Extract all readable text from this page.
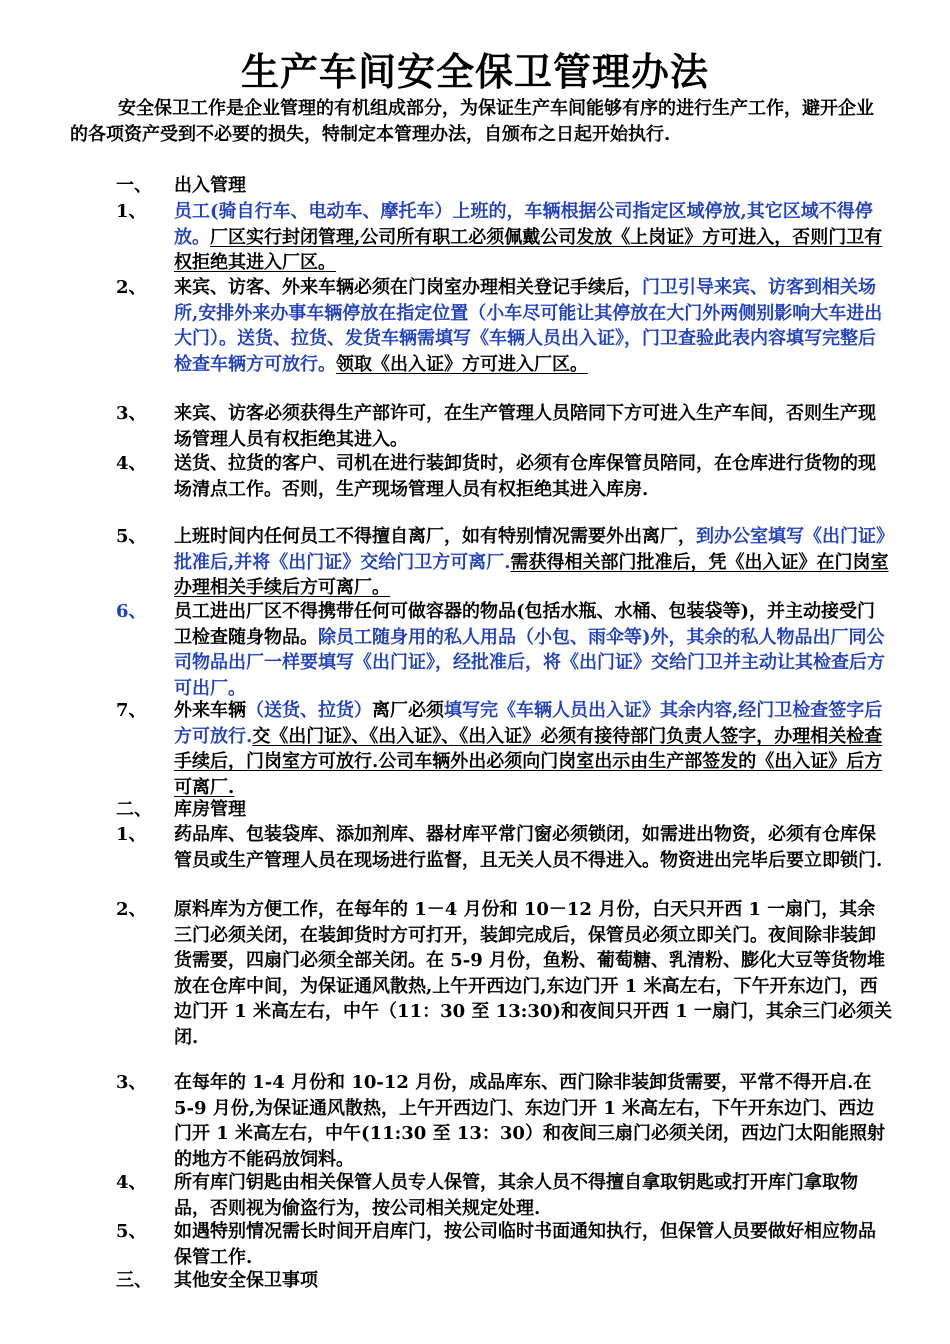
生产车间安全保卫管理办法
安全保卫工作是企业管理的有机组成部分，为保证生产车间能够有序的进行生产工作，避开企业的各项资产受到不必要的损失，特制定本管理办法，自颁布之日起开始执行.
一、 出入管理
1、	员工(骑自行车、电动车、摩托车）上班的，车辆根据公司指定区域停放,其它区域不得停放。厂区实行封闭管理,公司所有职工必须佩戴公司发放《上岗证》方可进入，否则门卫有权拒绝其进入厂区。
2、	来宾、访客、外来车辆必须在门岗室办理相关登记手续后，门卫引导来宾、访客到相关场所,安排外来办事车辆停放在指定位置（小车尽可能让其停放在大门外两侧别影响大车进出大门）。送货、拉货、发货车辆需填写《车辆人员出入证》，门卫查验此表内容填写完整后检查车辆方可放行。领取《出入证》方可进入厂区。
3、	来宾、访客必须获得生产部许可，在生产管理人员陪同下方可进入生产车间，否则生产现场管理人员有权拒绝其进入。
4、	送货、拉货的客户、司机在进行装卸货时，必须有仓库保管员陪同，在仓库进行货物的现场清点工作。否则，生产现场管理人员有权拒绝其进入库房.
5、	上班时间内任何员工不得擅自离厂，如有特别情况需要外出离厂，到办公室填写《出门证》批准后,并将《出门证》交给门卫方可离厂.需获得相关部门批准后，凭《出入证》在门岗室办理相关手续后方可离厂。
6、	员工进出厂区不得携带任何可做容器的物品(包括水瓶、水桶、包装袋等)，并主动接受门卫检查随身物品。除员工随身用的私人用品（小包、雨伞等)外，其余的私人物品出厂同公司物品出厂一样要填写《出门证》，经批准后，将《出门证》交给门卫并主动让其检查后方可出厂。
7、	外来车辆（送货、拉货）离厂必须填写完《车辆人员出入证》其余内容,经门卫检查签字后方可放行.交《出门证》、《出入证》、《出入证》必须有接待部门负责人签字，办理相关检查手续后，门岗室方可放行.公司车辆外出必须向门岗室出示由生产部签发的《出入证》后方可离厂.
二、 库房管理
1、	药品库、包装袋库、添加剂库、器材库平常门窗必须锁闭，如需进出物资，必须有仓库保管员或生产管理人员在现场进行监督，且无关人员不得进入。物资进出完毕后要立即锁门.
2、	原料库为方便工作，在每年的 1－4 月份和 10－12 月份，白天只开西 1 一扇门，其余三门必须关闭，在装卸货时方可打开，装卸完成后，保管员必须立即关门。夜间除非装卸货需要，四扇门必须全部关闭。在 5-9 月份，鱼粉、葡萄糖、乳清粉、膨化大豆等货物堆放在仓库中间，为保证通风散热,上午开西边门,东边门开 1 米高左右，下午开东边门，西边门开 1 米高左右，中午（11：30 至 13:30)和夜间只开西 1 一扇门，其余三门必须关闭.
3、	在每年的 1-4 月份和 10-12 月份，成品库东、西门除非装卸货需要，平常不得开启.在 5-9 月份,为保证通风散热，上午开西边门、东边门开 1 米高左右，下午开东边门、西边门开 1 米高左右，中午(11:30 至 13：30）和夜间三扇门必须关闭，西边门太阳能照射的地方不能码放饲料。
4、	所有库门钥匙由相关保管人员专人保管，其余人员不得擅自拿取钥匙或打开库门拿取物品，否则视为偷盗行为，按公司相关规定处理.
5、	如遇特别情况需长时间开启库门，按公司临时书面通知执行，但保管人员要做好相应物品保管工作.
三、 其他安全保卫事项
